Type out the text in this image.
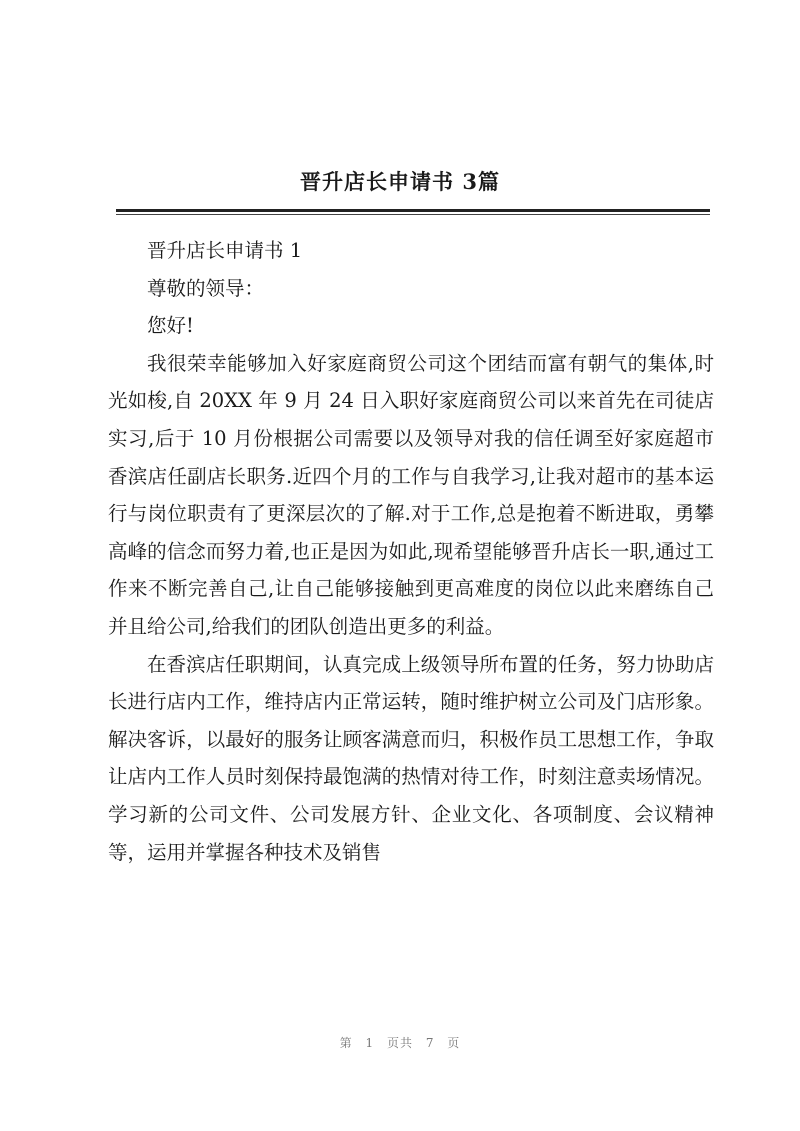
晋升店长申请书 3篇

晋升店长申请书 1

尊敬的领导：

您好!

我很荣幸能够加入好家庭商贸公司这个团结而富有朝气的集体,时光如梭,自 20XX 年 9 月 24 日入职好家庭商贸公司以来首先在司徒店实习,后于 10 月份根据公司需要以及领导对我的信任调至好家庭超市香滨店任副店长职务.近四个月的工作与自我学习,让我对超市的基本运行与岗位职责有了更深层次的了解.对于工作,总是抱着不断进取，勇攀高峰的信念而努力着,也正是因为如此,现希望能够晋升店长一职,通过工作来不断完善自己,让自己能够接触到更高难度的岗位以此来磨练自己并且给公司,给我们的团队创造出更多的利益。

在香滨店任职期间，认真完成上级领导所布置的任务，努力协助店长进行店内工作，维持店内正常运转，随时维护树立公司及门店形象。解决客诉，以最好的服务让顾客满意而归，积极作员工思想工作，争取让店内工作人员时刻保持最饱满的热情对待工作，时刻注意卖场情况。学习新的公司文件、公司发展方针、企业文化、各项制度、会议精神等，运用并掌握各种技术及销售

第 1 页共 7 页
